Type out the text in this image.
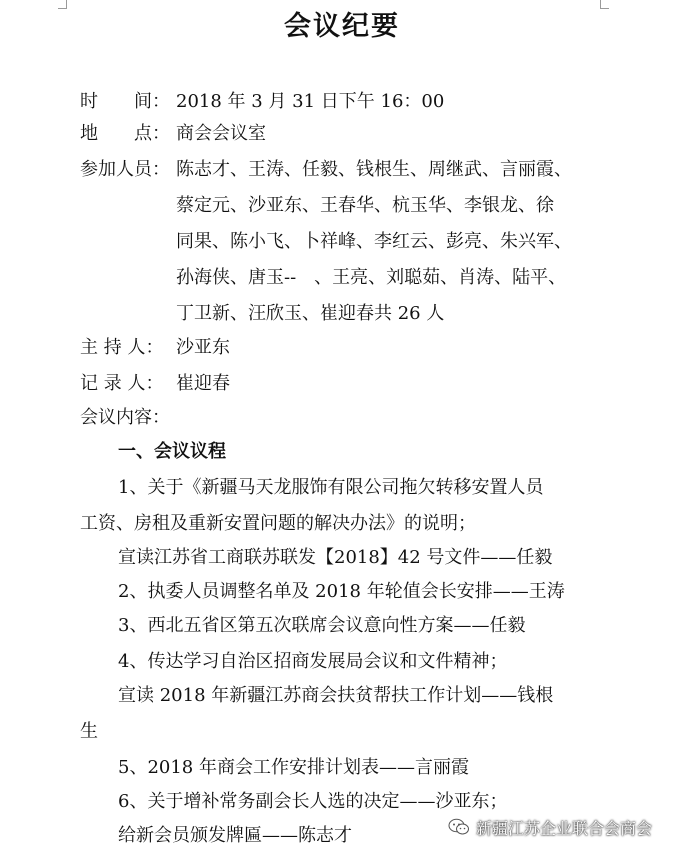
会议纪要
时　　间： 2018 年 3 月 31 日下午 16：00
地　　点： 商会会议室
参加人员： 陈志才、王涛、任毅、钱根生、周继武、言丽霞、
蔡定元、沙亚东、王春华、杭玉华、李银龙、徐
同果、陈小飞、卜祥峰、李红云、彭亮、朱兴军、
孙海侠、唐玉--　、王亮、刘聪茹、肖涛、陆平、
丁卫新、汪欣玉、崔迎春共 26 人
主 持 人： 沙亚东
记 录 人： 崔迎春
会议内容：
一、会议议程
1、关于《新疆马天龙服饰有限公司拖欠转移安置人员
工资、房租及重新安置问题的解决办法》的说明；
宣读江苏省工商联苏联发【2018】42 号文件——任毅
2、执委人员调整名单及 2018 年轮值会长安排——王涛
3、西北五省区第五次联席会议意向性方案——任毅
4、传达学习自治区招商发展局会议和文件精神；
宣读 2018 年新疆江苏商会扶贫帮扶工作计划——钱根
生
5、2018 年商会工作安排计划表——言丽霞
6、关于增补常务副会长人选的决定——沙亚东；
给新会员颁发牌匾——陈志才	新疆江苏企业联合会商会
